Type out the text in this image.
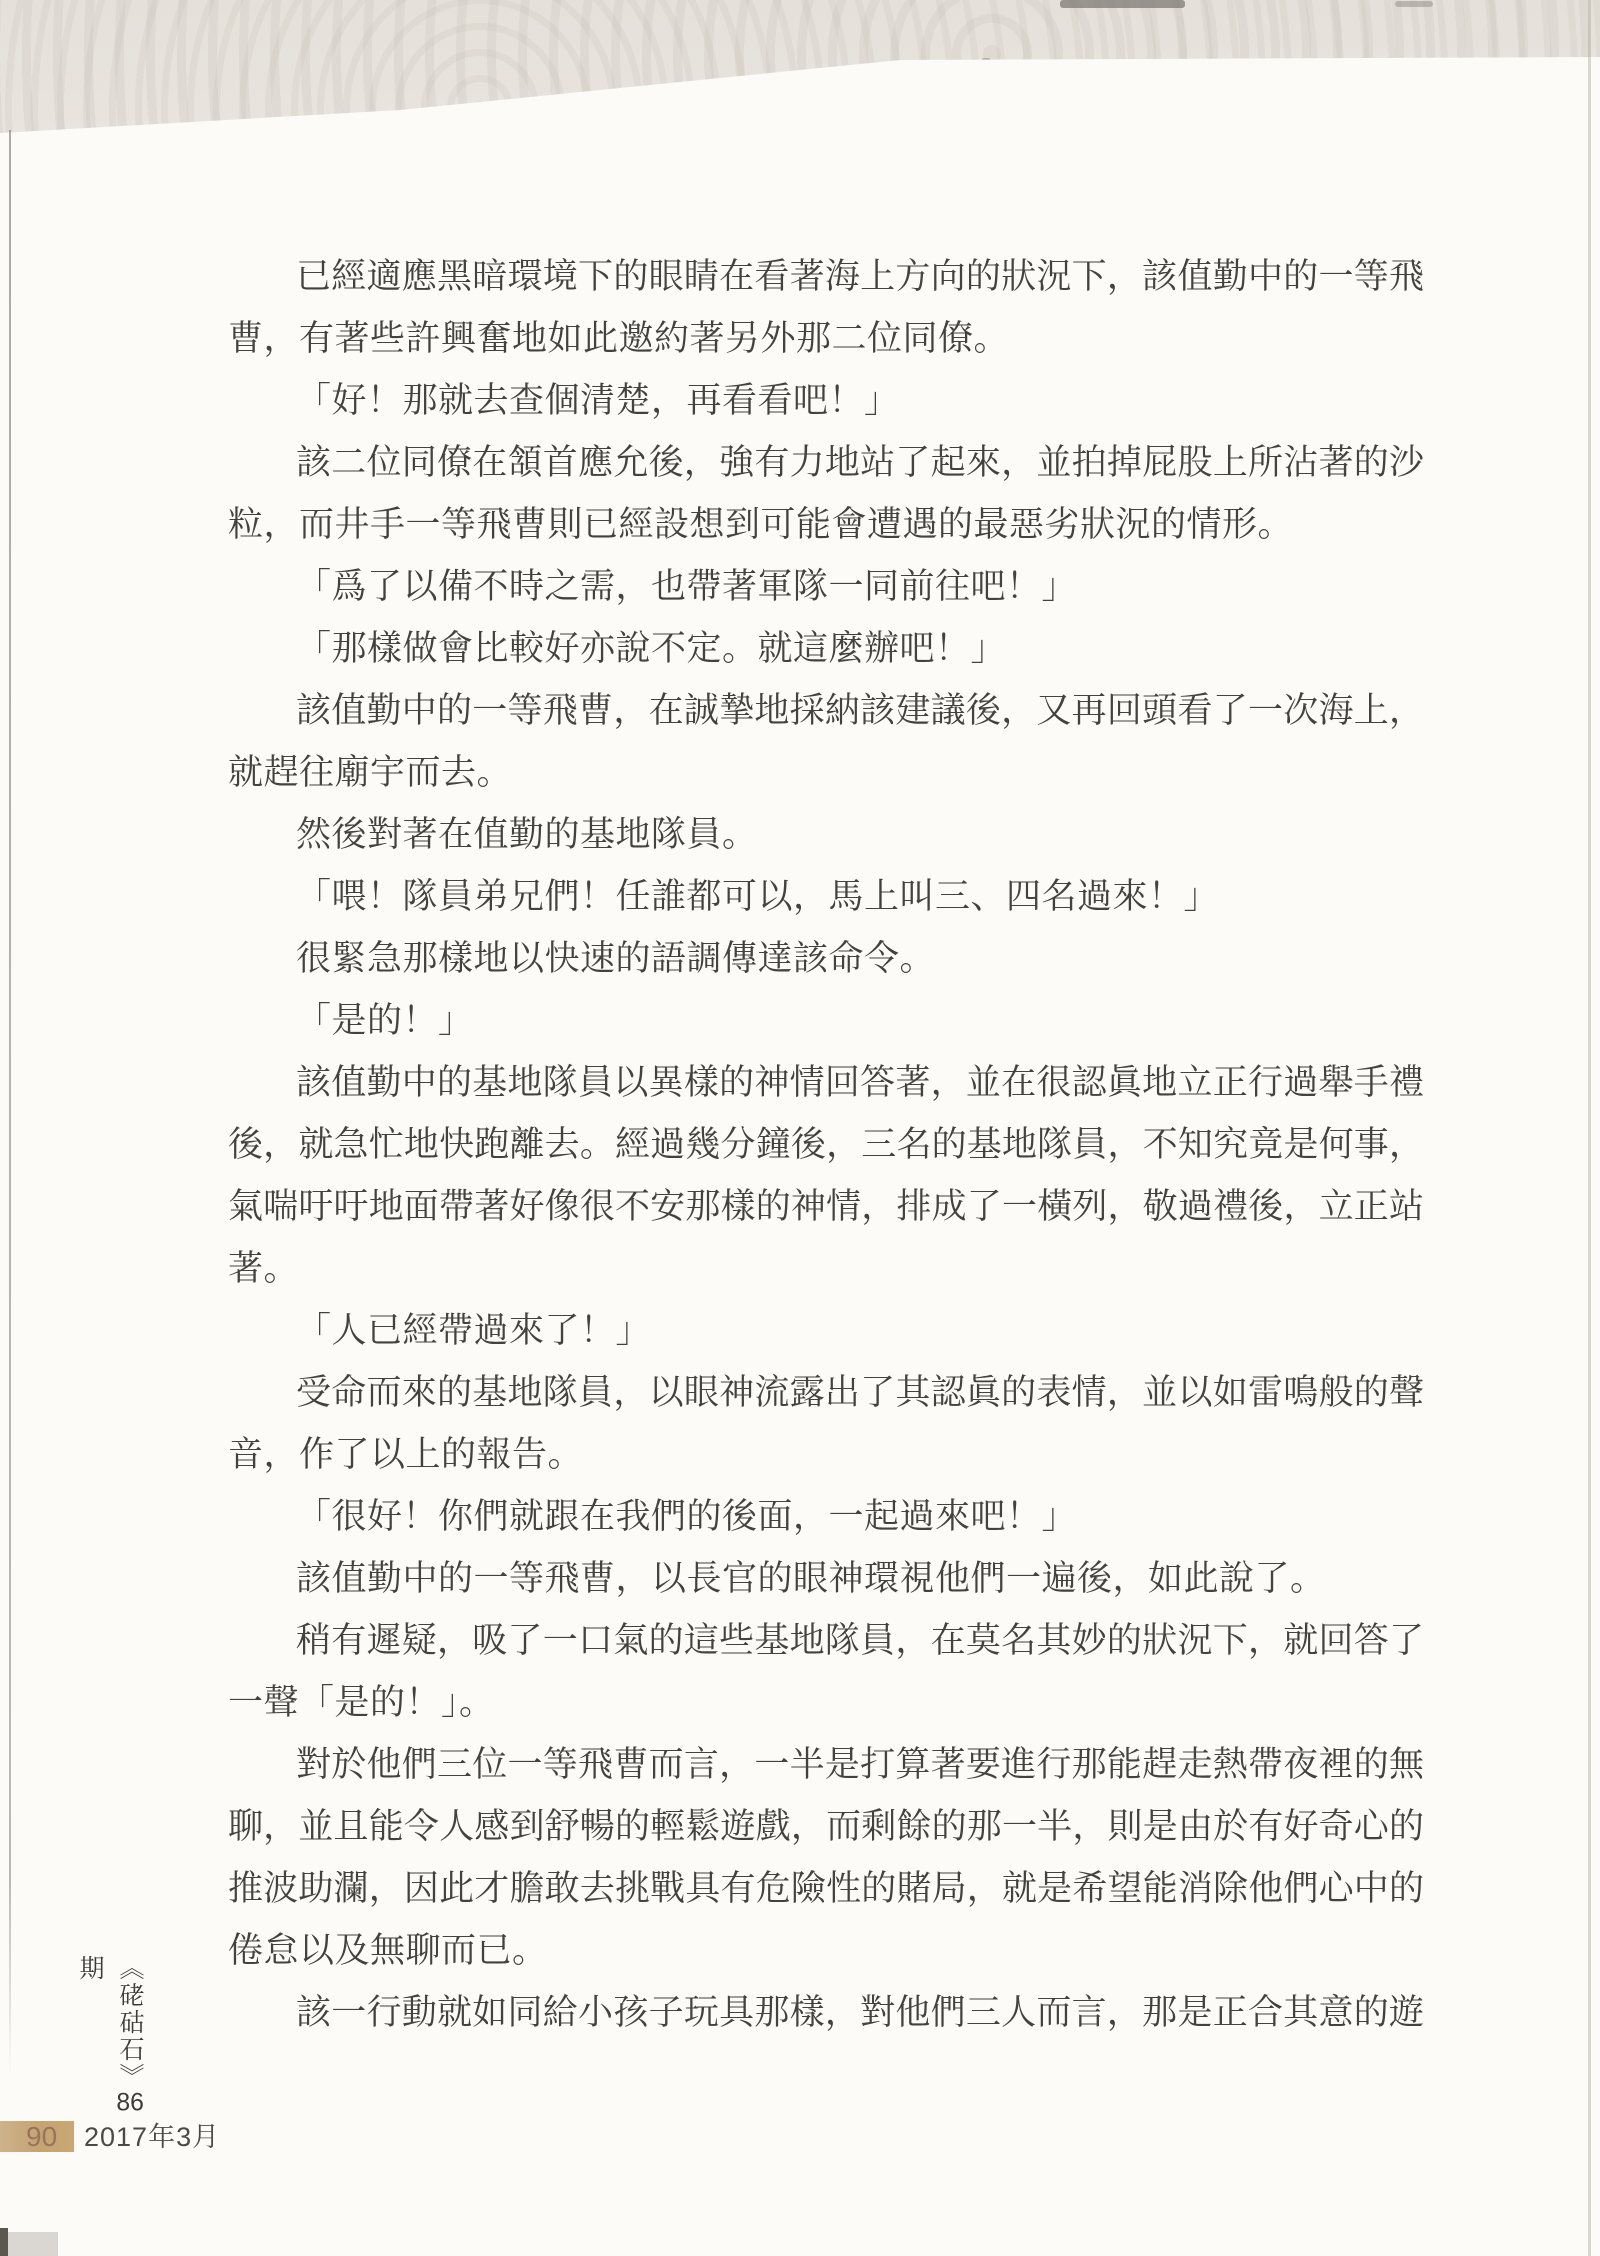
已經適應黑暗環境下的眼睛在看著海上方向的狀況下，該值勤中的一等飛
曹，有著些許興奮地如此邀約著另外那二位同僚。
「好！那就去查個清楚，再看看吧！」
該二位同僚在頷首應允後，強有力地站了起來，並拍掉屁股上所沾著的沙
粒，而井手一等飛曹則已經設想到可能會遭遇的最惡劣狀況的情形。
「爲了以備不時之需，也帶著軍隊一同前往吧！」
「那樣做會比較好亦說不定。就這麼辦吧！」
該值勤中的一等飛曹，在誠摯地採納該建議後，又再回頭看了一次海上，
就趕往廟宇而去。
然後對著在值勤的基地隊員。
「喂！隊員弟兄們！任誰都可以，馬上叫三、四名過來！」
很緊急那樣地以快速的語調傳達該命令。
「是的！」
該值勤中的基地隊員以異樣的神情回答著，並在很認眞地立正行過舉手禮
後，就急忙地快跑離去。經過幾分鐘後，三名的基地隊員，不知究竟是何事，
氣喘吁吁地面帶著好像很不安那樣的神情，排成了一橫列，敬過禮後，立正站
著。
「人已經帶過來了！」
受命而來的基地隊員，以眼神流露出了其認眞的表情，並以如雷鳴般的聲
音，作了以上的報告。
「很好！你們就跟在我們的後面，一起過來吧！」
該值勤中的一等飛曹，以長官的眼神環視他們一遍後，如此說了。
稍有遲疑，吸了一口氣的這些基地隊員，在莫名其妙的狀況下，就回答了
一聲「是的！」。
對於他們三位一等飛曹而言，一半是打算著要進行那能趕走熱帶夜裡的無
聊，並且能令人感到舒暢的輕鬆遊戲，而剩餘的那一半，則是由於有好奇心的
推波助瀾，因此才膽敢去挑戰具有危險性的賭局，就是希望能消除他們心中的
倦怠以及無聊而已。
該一行動就如同給小孩子玩具那樣，對他們三人而言，那是正合其意的遊
《硓𥑮石》86期
90 2017年3月
